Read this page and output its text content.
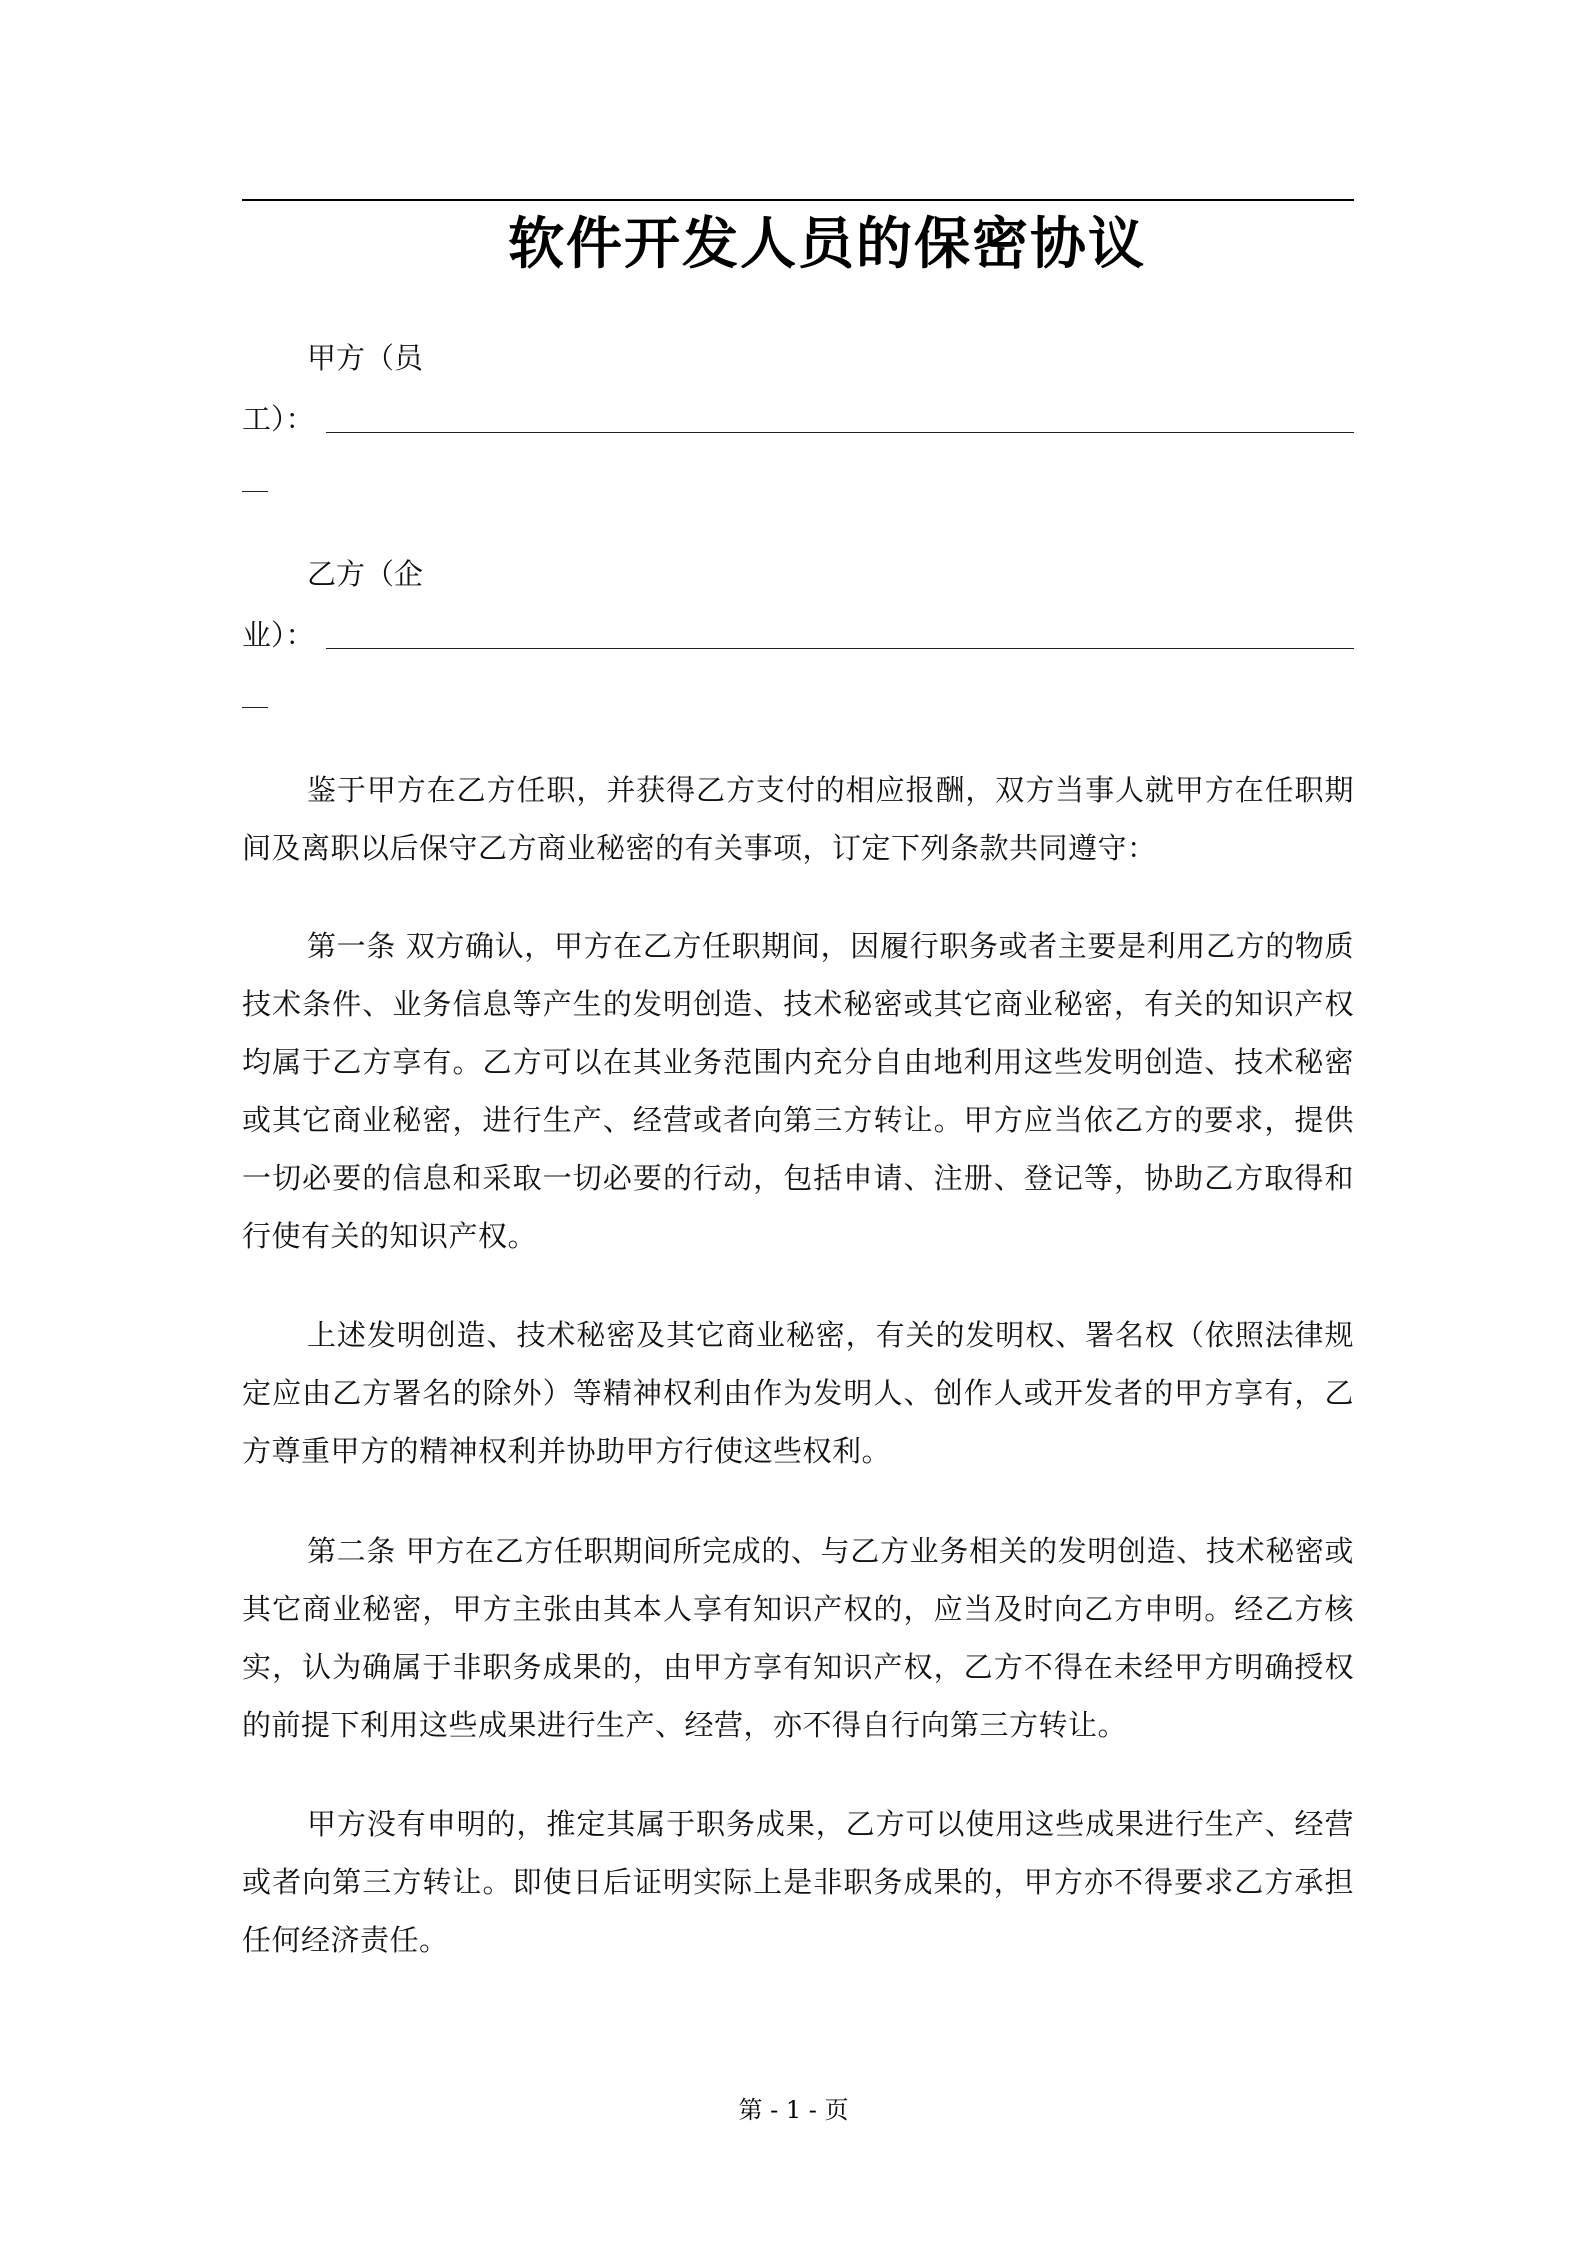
软件开发人员的保密协议
甲方（员
工）：
乙方（企
业）：
鉴于甲方在乙方任职，并获得乙方支付的相应报酬，双方当事人就甲方在任职期间及离职以后保守乙方商业秘密的有关事项，订定下列条款共同遵守：
第一条 双方确认，甲方在乙方任职期间，因履行职务或者主要是利用乙方的物质技术条件、业务信息等产生的发明创造、技术秘密或其它商业秘密，有关的知识产权均属于乙方享有。乙方可以在其业务范围内充分自由地利用这些发明创造、技术秘密或其它商业秘密，进行生产、经营或者向第三方转让。甲方应当依乙方的要求，提供一切必要的信息和采取一切必要的行动，包括申请、注册、登记等，协助乙方取得和行使有关的知识产权。
上述发明创造、技术秘密及其它商业秘密，有关的发明权、署名权（依照法律规定应由乙方署名的除外）等精神权利由作为发明人、创作人或开发者的甲方享有，乙方尊重甲方的精神权利并协助甲方行使这些权利。
第二条 甲方在乙方任职期间所完成的、与乙方业务相关的发明创造、技术秘密或其它商业秘密，甲方主张由其本人享有知识产权的，应当及时向乙方申明。经乙方核实，认为确属于非职务成果的，由甲方享有知识产权，乙方不得在未经甲方明确授权的前提下利用这些成果进行生产、经营，亦不得自行向第三方转让。
甲方没有申明的，推定其属于职务成果，乙方可以使用这些成果进行生产、经营或者向第三方转让。即使日后证明实际上是非职务成果的，甲方亦不得要求乙方承担任何经济责任。
第 - 1 - 页
